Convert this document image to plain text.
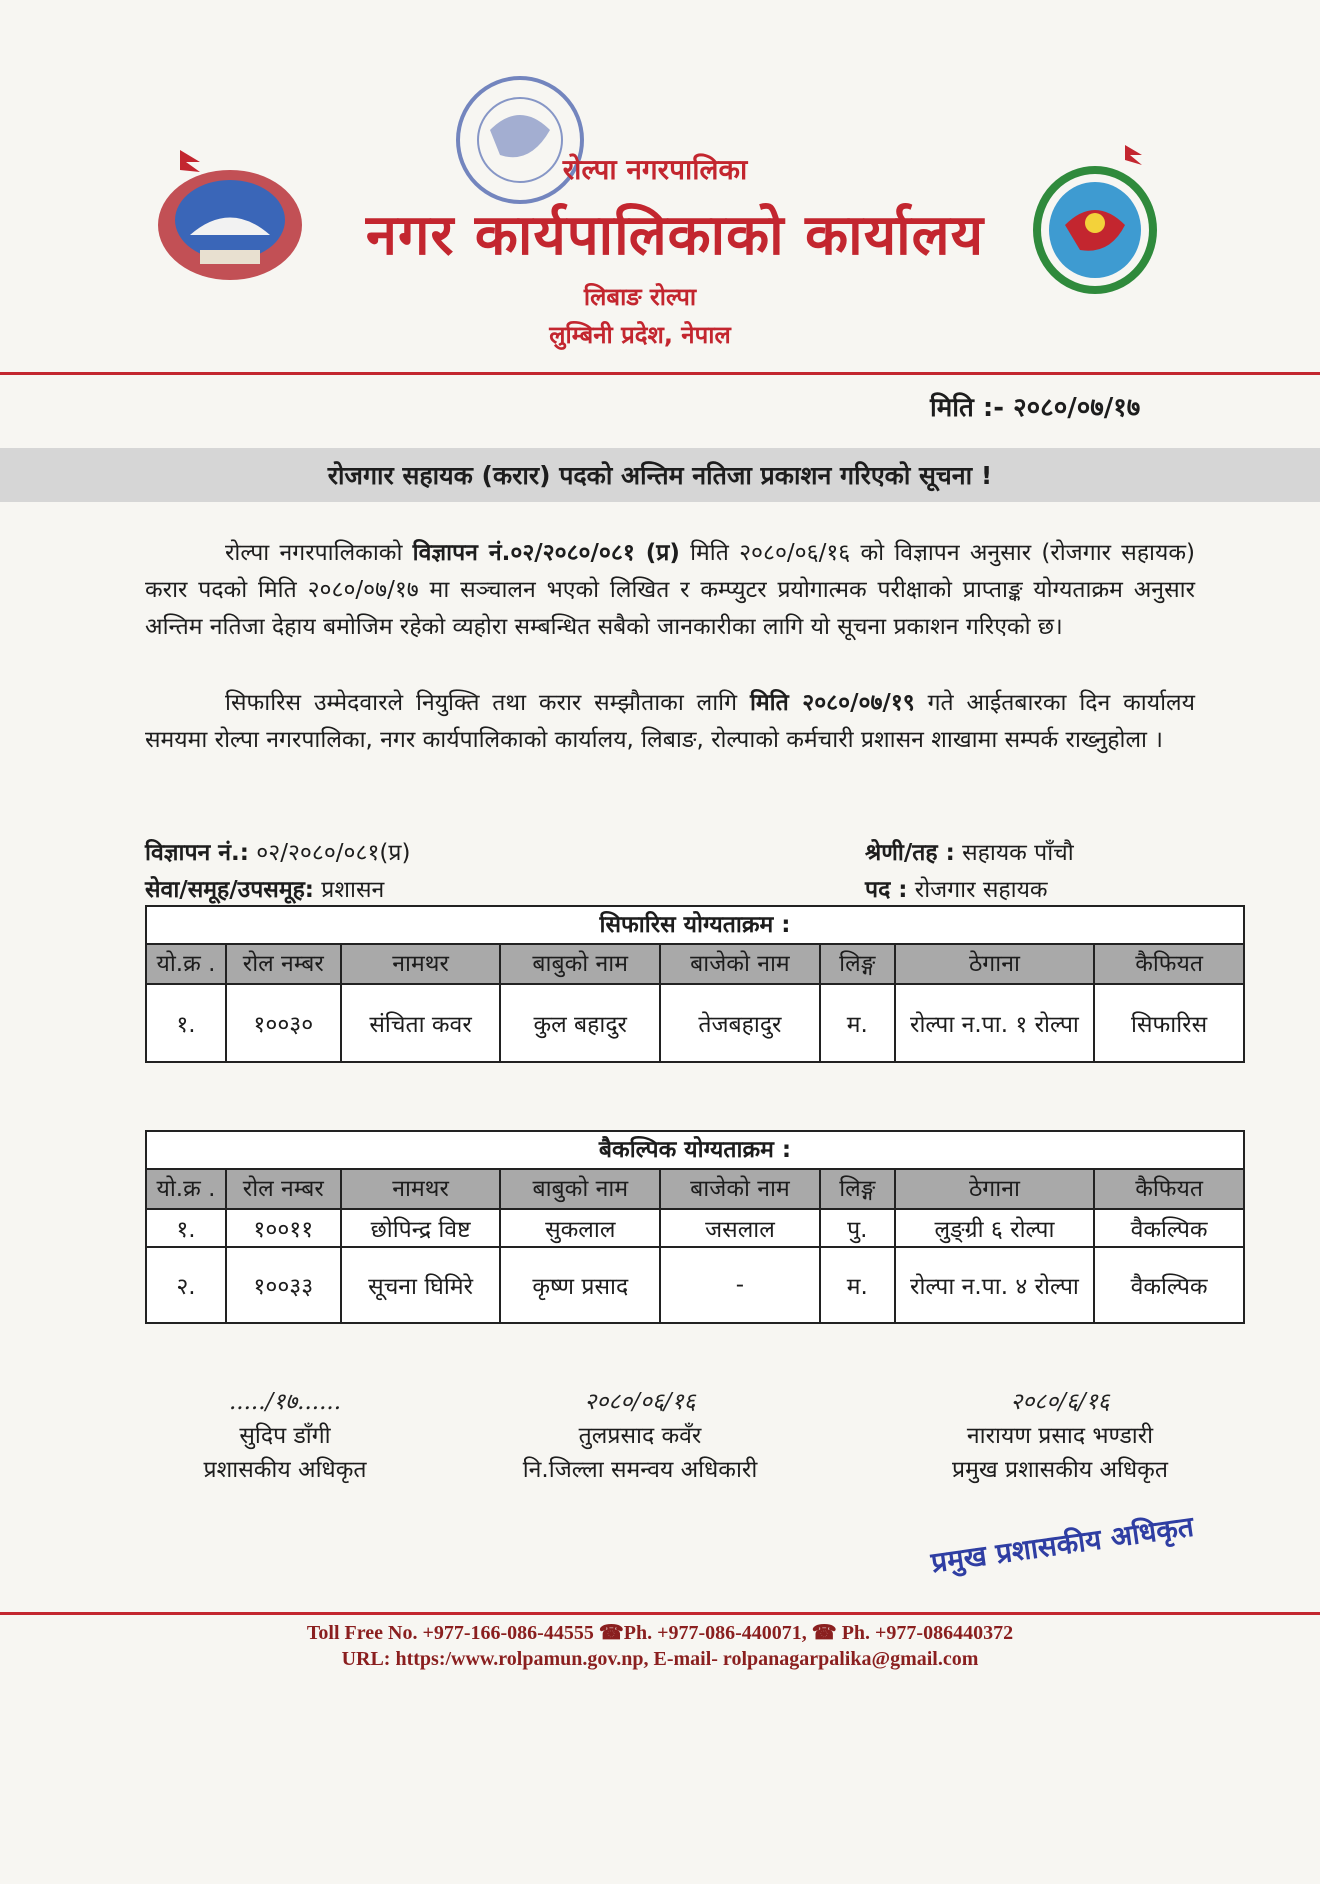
रोल्पा नगरपालिका
नगर कार्यपालिकाको कार्यालय
लिबाङ रोल्पा
लुम्बिनी प्रदेश, नेपाल
मिति :- २०८०/०७/१७
रोजगार सहायक (करार) पदको अन्तिम नतिजा प्रकाशन गरिएको सूचना !

रोल्पा नगरपालिकाको विज्ञापन नं.०२/२०८०/०८१ (प्र) मिति २०८०/०६/१६ को विज्ञापन अनुसार (रोजगार सहायक) करार पदको मिति २०८०/०७/१७ मा सञ्चालन भएको लिखित र कम्प्युटर प्रयोगात्मक परीक्षाको प्राप्ताङ्क योग्यताक्रम अनुसार अन्तिम नतिजा देहाय बमोजिम रहेको व्यहोरा सम्बन्धित सबैको जानकारीका लागि यो सूचना प्रकाशन गरिएको छ।

सिफारिस उम्मेदवारले नियुक्ति तथा करार सम्झौताका लागि मिति २०८०/०७/१९ गते आईतबारका दिन कार्यालय समयमा रोल्पा नगरपालिका, नगर कार्यपालिकाको कार्यालय, लिबाङ, रोल्पाको कर्मचारी प्रशासन शाखामा सम्पर्क राख्नुहोला ।

विज्ञापन नं.: ०२/२०८०/०८१(प्र)
सेवा/समूह/उपसमूह: प्रशासन
श्रेणी/तह : सहायक पाँचौ
पद : रोजगार सहायक
सिफारिस योग्यताक्रम :							
यो.क्र .	रोल नम्बर	नामथर	बाबुको नाम	बाजेको नाम	लिङ्ग	ठेगाना	कैफियत
१.	१००३०	संचिता कवर	कुल बहादुर	तेजबहादुर	म.	रोल्पा न.पा. १ रोल्पा	सिफारिस
बैकल्पिक योग्यताक्रम :							
यो.क्र .	रोल नम्बर	नामथर	बाबुको नाम	बाजेको नाम	लिङ्ग	ठेगाना	कैफियत
१.	१००११	छोपिन्द्र विष्ट	सुकलाल	जसलाल	पु.	लुङ्ग्री ६ रोल्पा	वैकल्पिक
२.	१००३३	सूचना घिमिरे	कृष्ण प्रसाद	-	म.	रोल्पा न.पा. ४ रोल्पा	वैकल्पिक
...../१७......
सुदिप डाँगी
प्रशासकीय अधिकृत
२०८०/०६/१६
तुलप्रसाद कवँर
नि.जिल्ला समन्वय अधिकारी
२०८०/६/१६
नारायण प्रसाद भण्डारी
प्रमुख प्रशासकीय अधिकृत
प्रमुख प्रशासकीय अधिकृत
Toll Free No. +977-166-086-44555 ☎Ph. +977-086-440071, ☎ Ph. +977-086440372
URL: https:/www.rolpamun.gov.np, E-mail- rolpanagarpalika@gmail.com
